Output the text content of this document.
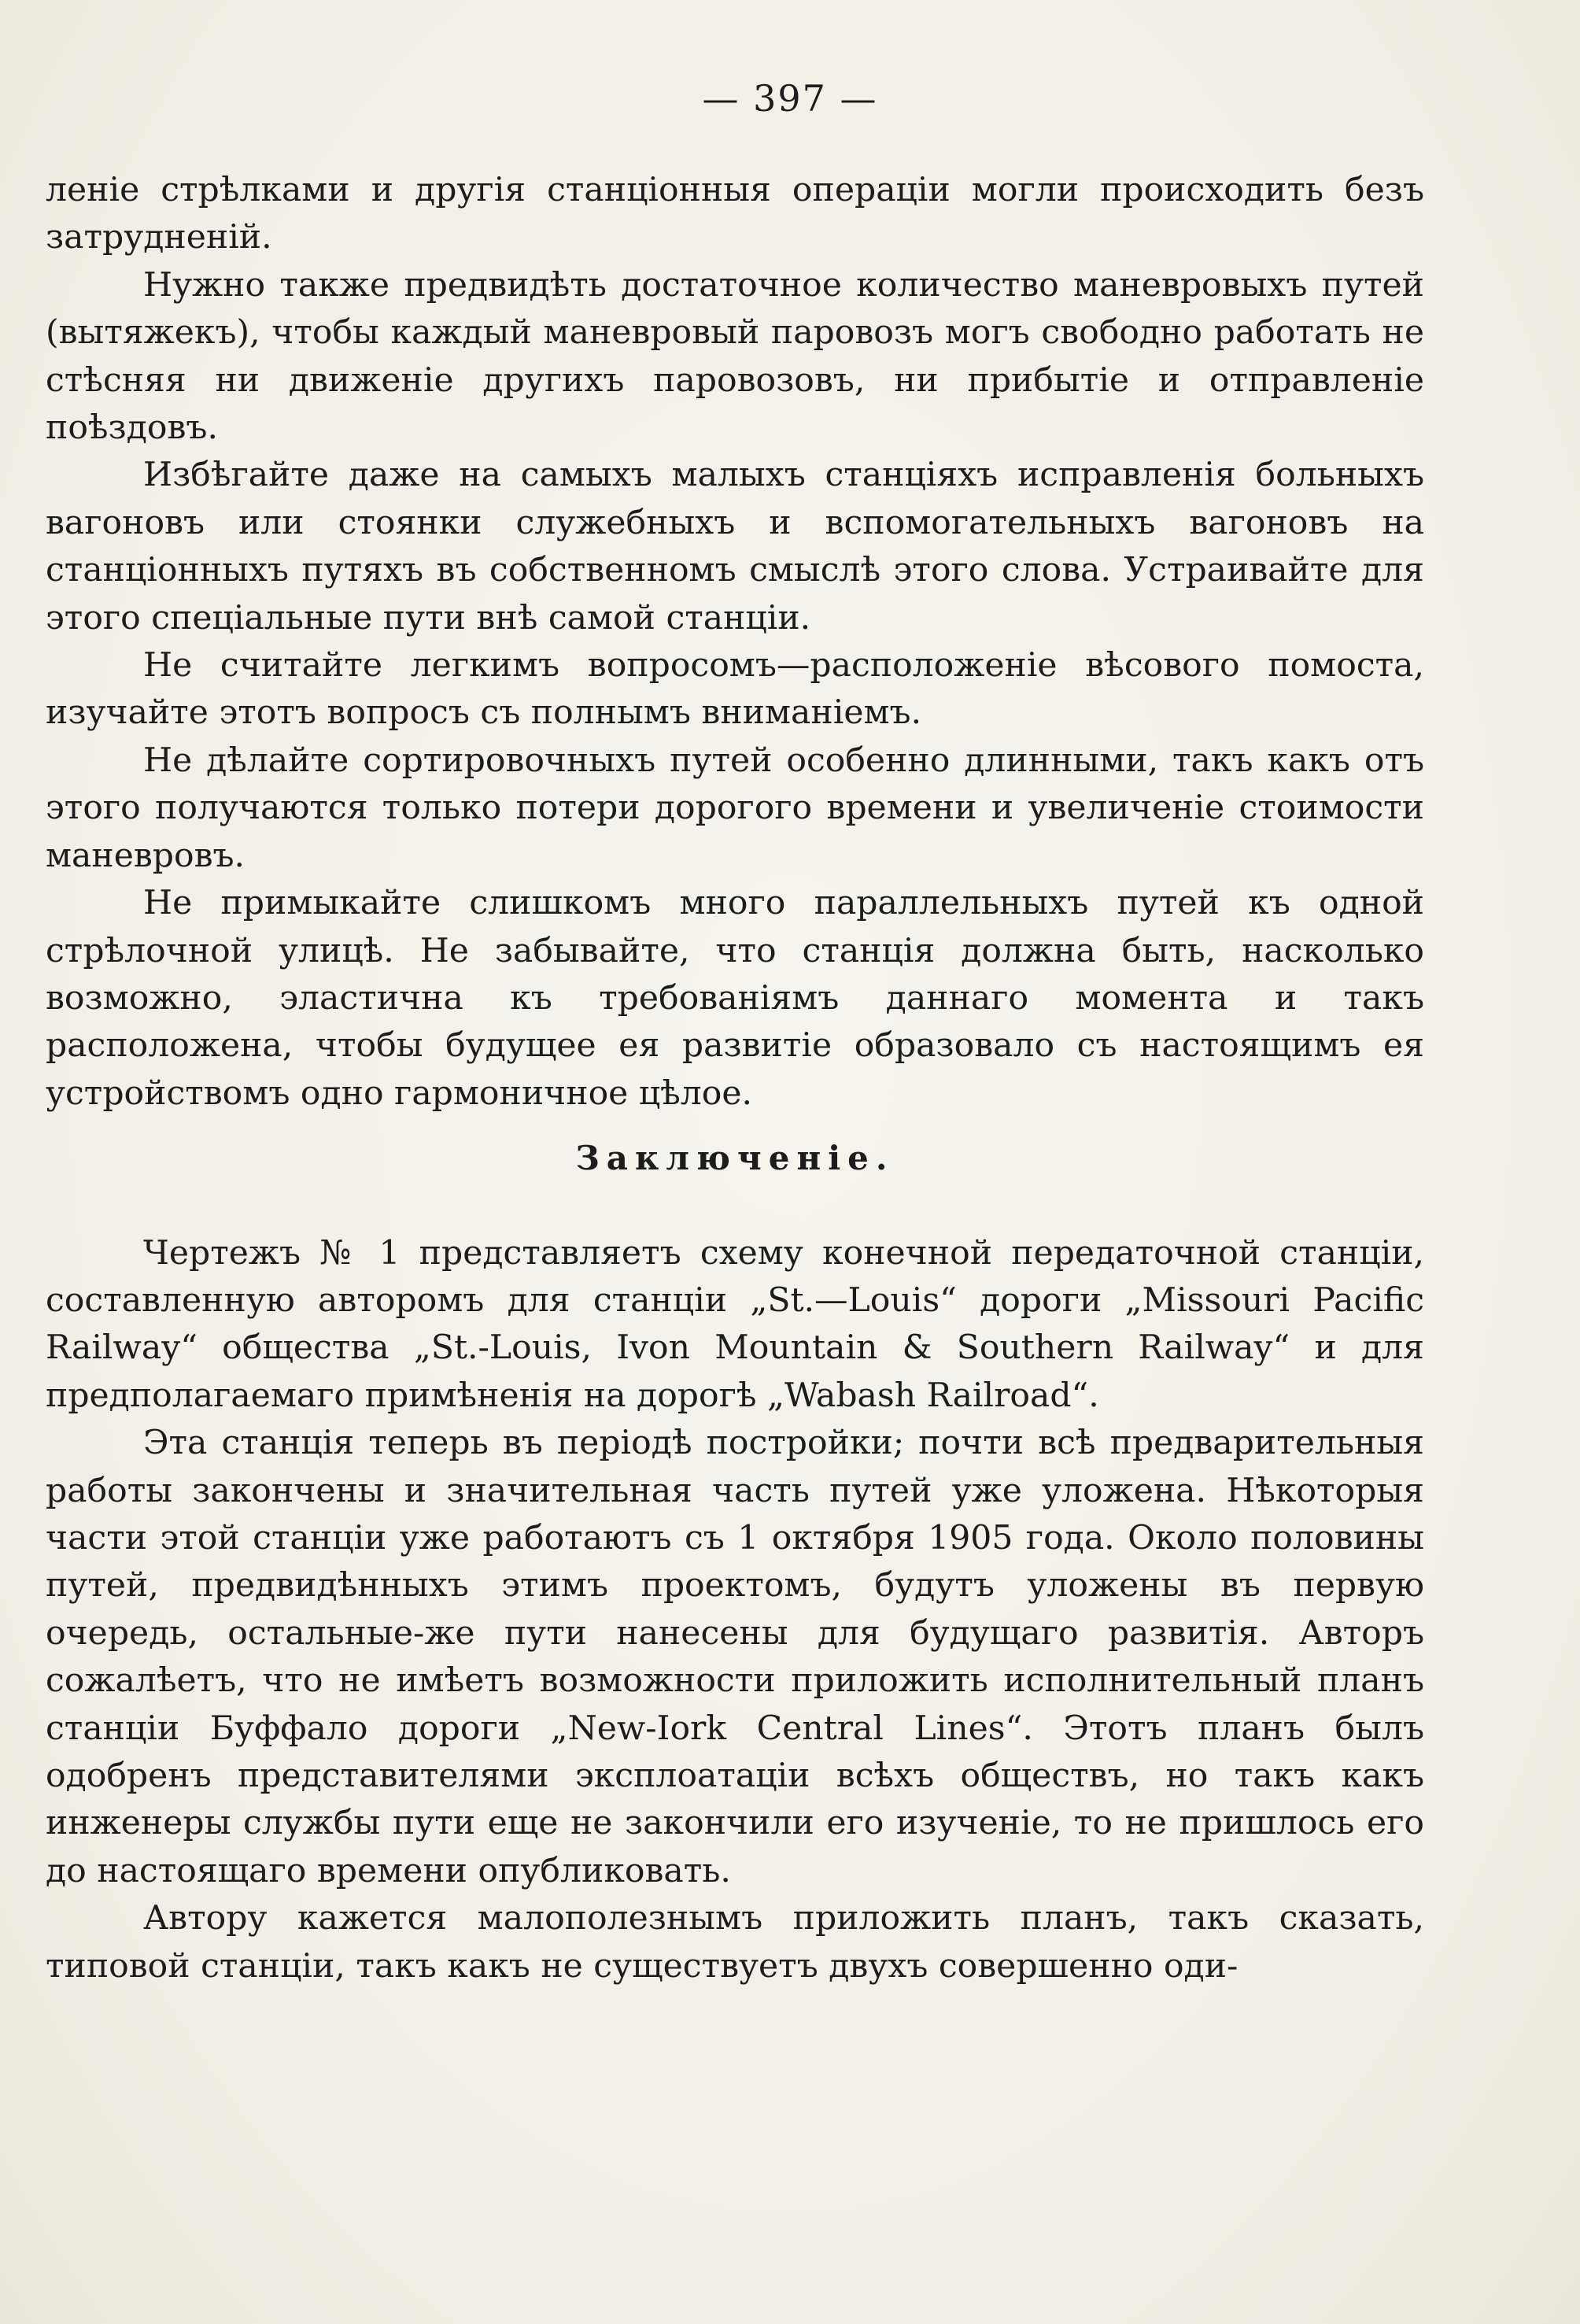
— 397 —

леніе стрѣлками и другія станціонныя операціи могли происходить безъ затрудненій.

Нужно также предвидѣть достаточное количество маневровыхъ путей (вытяжекъ), чтобы каждый маневровый паровозъ могъ свободно работать не стѣсняя ни движеніе другихъ паровозовъ, ни прибытіе и отправленіе поѣздовъ.

Избѣгайте даже на самыхъ малыхъ станціяхъ исправленія больныхъ вагоновъ или стоянки служебныхъ и вспомогательныхъ вагоновъ на станціонныхъ путяхъ въ собственномъ смыслѣ этого слова. Устраивайте для этого спеціальные пути внѣ самой станціи.

Не считайте легкимъ вопросомъ—расположеніе вѣсового помоста, изучайте этотъ вопросъ съ полнымъ вниманіемъ.

Не дѣлайте сортировочныхъ путей особенно длинными, такъ какъ отъ этого получаются только потери дорогого времени и увеличеніе стоимости маневровъ.

Не примыкайте слишкомъ много параллельныхъ путей къ одной стрѣлочной улицѣ. Не забывайте, что станція должна быть, насколько возможно, эластична къ требованіямъ даннаго момента и такъ расположена, чтобы будущее ея развитіе образовало съ настоящимъ ея устройствомъ одно гармоничное цѣлое.

Заключеніе.

Чертежъ № 1 представляетъ схему конечной передаточной станціи, составленную авторомъ для станціи „St.—Louis“ дороги „Missouri Pacific Railway“ общества „St.-Louis, Ivon Mountain & Southern Railway“ и для предполагаемаго примѣненія на дорогѣ „Wabash Railroad“.

Эта станція теперь въ періодѣ постройки; почти всѣ предварительныя работы закончены и значительная часть путей уже уложена. Нѣкоторыя части этой станціи уже работаютъ съ 1 октября 1905 года. Около половины путей, предвидѣнныхъ этимъ проектомъ, будутъ уложены въ первую очередь, остальные-же пути нанесены для будущаго развитія. Авторъ сожалѣетъ, что не имѣетъ возможности приложить исполнительный планъ станціи Буффало дороги „New-Iork Central Lines“. Этотъ планъ былъ одобренъ представителями эксплоатаціи всѣхъ обществъ, но такъ какъ инженеры службы пути еще не закончили его изученіе, то не пришлось его до настоящаго времени опубликовать.

Автору кажется малополезнымъ приложить планъ, такъ сказать, типовой станціи, такъ какъ не существуетъ двухъ совершенно оди-
